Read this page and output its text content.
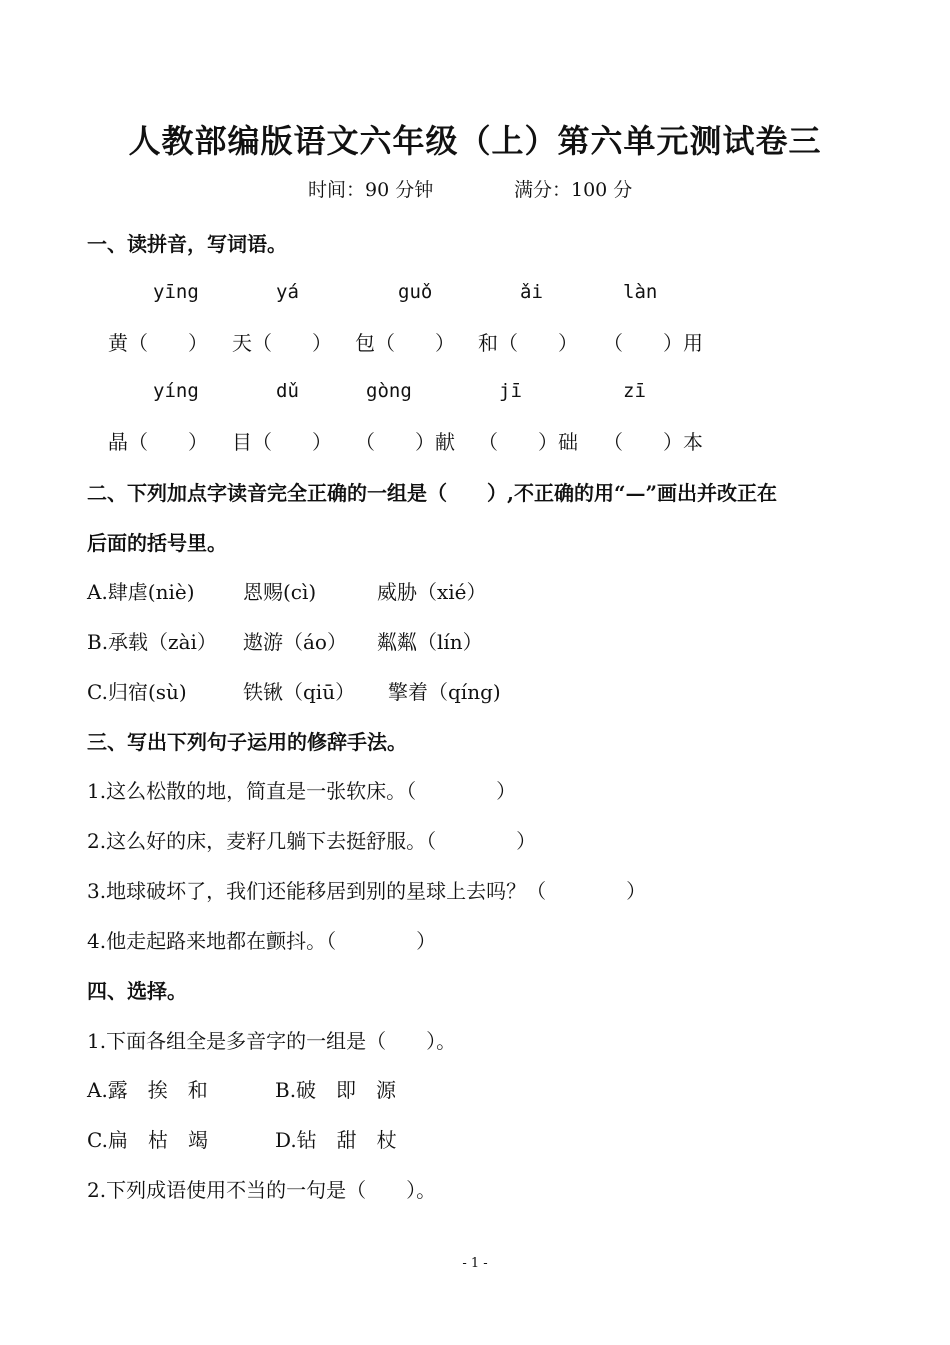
人教部编版语文六年级（上）第六单元测试卷三
时间：90 分钟	满分：100 分
一、读拼音，写词语。
yīng	yá	guǒ	ǎi	làn
黄（　　） 天（　　） 包（　　） 和（　　） （　　）用
yíng	dǔ	gòng	jī	zī
晶（　　） 目（　　） （　　）献 （　　）础 （　　）本
二、下列加点字读音完全正确的一组是（　　）,不正确的用“—”画出并改正在
后面的括号里。
A.肆虐(niè) 恩赐(cì)	威胁（xié）
B.承载（zài） 遨游（áo） 粼粼（lín）
C.归宿(sù)	铁锹（qiū） 擎着（qíng)
三、写出下列句子运用的修辞手法。
1.这么松散的地，简直是一张软床。（　　　　）
2.这么好的床，麦籽几躺下去挺舒服。（　　　　）
3.地球破坏了，我们还能移居到别的星球上去吗？（　　　　）
4.他走起路来地都在颤抖。（　　　　）
四、选择。
1.下面各组全是多音字的一组是（　　）。
A.露　挨　和	B.破　即　源
C.扁　枯　竭	D.钻　甜　杖
2.下列成语使用不当的一句是（　　）。
- 1 -
